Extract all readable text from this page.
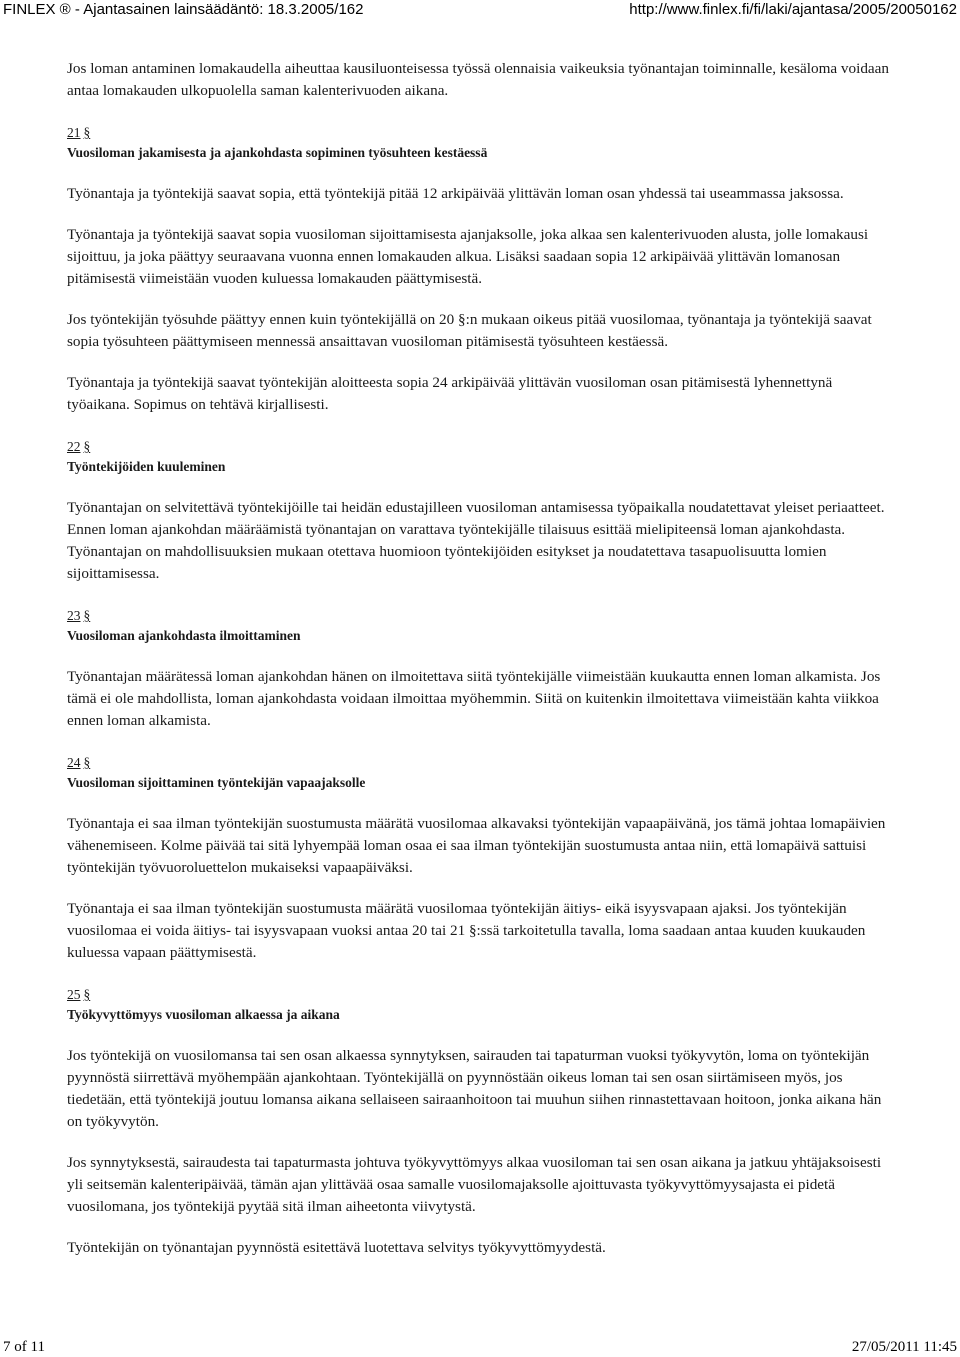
FINLEX ® - Ajantasainen lainsäädäntö: 18.3.2005/162	http://www.finlex.fi/fi/laki/ajantasa/2005/20050162

Jos loman antaminen lomakaudella aiheuttaa kausiluonteisessa työssä olennaisia vaikeuksia työnantajan toiminnalle, kesäloma voidaan antaa lomakauden ulkopuolella saman kalenterivuoden aikana.

21 §
Vuosiloman jakamisesta ja ajankohdasta sopiminen työsuhteen kestäessä

Työnantaja ja työntekijä saavat sopia, että työntekijä pitää 12 arkipäivää ylittävän loman osan yhdessä tai useammassa jaksossa.

Työnantaja ja työntekijä saavat sopia vuosiloman sijoittamisesta ajanjaksolle, joka alkaa sen kalenterivuoden alusta, jolle lomakausi sijoittuu, ja joka päättyy seuraavana vuonna ennen lomakauden alkua. Lisäksi saadaan sopia 12 arkipäivää ylittävän lomanosan pitämisestä viimeistään vuoden kuluessa lomakauden päättymisestä.

Jos työntekijän työsuhde päättyy ennen kuin työntekijällä on 20 §:n mukaan oikeus pitää vuosilomaa, työnantaja ja työntekijä saavat sopia työsuhteen päättymiseen mennessä ansaittavan vuosiloman pitämisestä työsuhteen kestäessä.

Työnantaja ja työntekijä saavat työntekijän aloitteesta sopia 24 arkipäivää ylittävän vuosiloman osan pitämisestä lyhennettynä työaikana. Sopimus on tehtävä kirjallisesti.

22 §
Työntekijöiden kuuleminen

Työnantajan on selvitettävä työntekijöille tai heidän edustajilleen vuosiloman antamisessa työpaikalla noudatettavat yleiset periaatteet. Ennen loman ajankohdan määräämistä työnantajan on varattava työntekijälle tilaisuus esittää mielipiteensä loman ajankohdasta. Työnantajan on mahdollisuuksien mukaan otettava huomioon työntekijöiden esitykset ja noudatettava tasapuolisuutta lomien sijoittamisessa.

23 §
Vuosiloman ajankohdasta ilmoittaminen

Työnantajan määrätessä loman ajankohdan hänen on ilmoitettava siitä työntekijälle viimeistään kuukautta ennen loman alkamista. Jos tämä ei ole mahdollista, loman ajankohdasta voidaan ilmoittaa myöhemmin. Siitä on kuitenkin ilmoitettava viimeistään kahta viikkoa ennen loman alkamista.

24 §
Vuosiloman sijoittaminen työntekijän vapaajaksolle

Työnantaja ei saa ilman työntekijän suostumusta määrätä vuosilomaa alkavaksi työntekijän vapaapäivänä, jos tämä johtaa lomapäivien vähenemiseen. Kolme päivää tai sitä lyhyempää loman osaa ei saa ilman työntekijän suostumusta antaa niin, että lomapäivä sattuisi työntekijän työvuoroluettelon mukaiseksi vapaapäiväksi.

Työnantaja ei saa ilman työntekijän suostumusta määrätä vuosilomaa työntekijän äitiys- eikä isyysvapaan ajaksi. Jos työntekijän vuosilomaa ei voida äitiys- tai isyysvapaan vuoksi antaa 20 tai 21 §:ssä tarkoitetulla tavalla, loma saadaan antaa kuuden kuukauden kuluessa vapaan päättymisestä.

25 §
Työkyvyttömyys vuosiloman alkaessa ja aikana

Jos työntekijä on vuosilomansa tai sen osan alkaessa synnytyksen, sairauden tai tapaturman vuoksi työkyvytön, loma on työntekijän pyynnöstä siirrettävä myöhempään ajankohtaan. Työntekijällä on pyynnöstään oikeus loman tai sen osan siirtämiseen myös, jos tiedetään, että työntekijä joutuu lomansa aikana sellaiseen sairaanhoitoon tai muuhun siihen rinnastettavaan hoitoon, jonka aikana hän on työkyvytön.

Jos synnytyksestä, sairaudesta tai tapaturmasta johtuva työkyvyttömyys alkaa vuosiloman tai sen osan aikana ja jatkuu yhtäjaksoisesti yli seitsemän kalenteripäivää, tämän ajan ylittävää osaa samalle vuosilomajaksolle ajoittuvasta työkyvyttömyysajasta ei pidetä vuosilomana, jos työntekijä pyytää sitä ilman aiheetonta viivytystä.

Työntekijän on työnantajan pyynnöstä esitettävä luotettava selvitys työkyvyttömyydestä.

7 of 11	27/05/2011 11:45
